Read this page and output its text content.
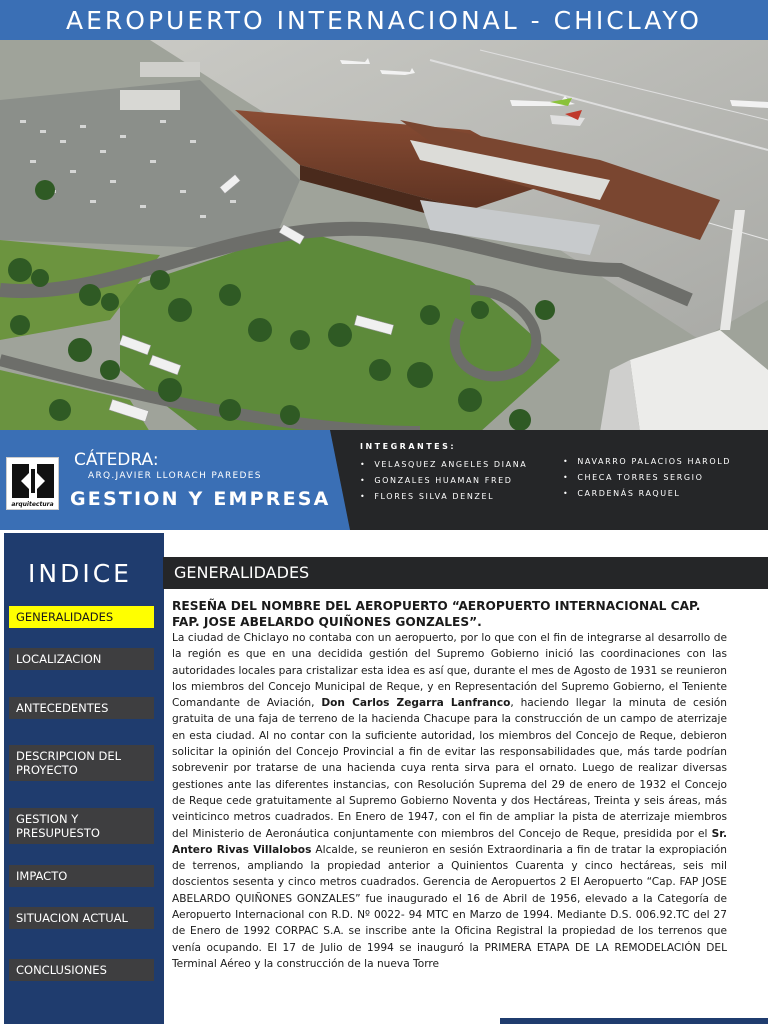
AEROPUERTO INTERNACIONAL - CHICLAYO
arquitectura
CÁTEDRA:
ARQ.JAVIER LLORACH PAREDES
GESTION Y EMPRESA
INTEGRANTES:
• VELASQUEZ ANGELES DIANA
• GONZALES HUAMAN FRED
• FLORES SILVA DENZEL
• NAVARRO PALACIOS HAROLD
• CHECA TORRES SERGIO
• CARDENÁS RAQUEL
INDICE
GENERALIDADES
LOCALIZACION
ANTECEDENTES
DESCRIPCION DEL PROYECTO
GESTION Y PRESUPUESTO
IMPACTO
SITUACION ACTUAL
CONCLUSIONES
GENERALIDADES
RESEÑA DEL NOMBRE DEL AEROPUERTO “AEROPUERTO INTERNACIONAL CAP. FAP. JOSE ABELARDO QUIÑONES GONZALES”.

La ciudad de Chiclayo no contaba con un aeropuerto, por lo que con el fin de integrarse al desarrollo de la región es que en una decidida gestión del Supremo Gobierno inició las coordinaciones con las autoridades locales para cristalizar esta idea es así que, durante el mes de Agosto de 1931 se reunieron los miembros del Concejo Municipal de Reque, y en Representación del Supremo Gobierno, el Teniente Comandante de Aviación, Don Carlos Zegarra Lanfranco, haciendo llegar la minuta de cesión gratuita de una faja de terreno de la hacienda Chacupe para la construcción de un campo de aterrizaje en esta ciudad. Al no contar con la suficiente autoridad, los miembros del Concejo de Reque, debieron solicitar la opinión del Concejo Provincial a fin de evitar las responsabilidades que, más tarde podrían sobrevenir por tratarse de una hacienda cuya renta sirva para el ornato. Luego de realizar diversas gestiones ante las diferentes instancias, con Resolución Suprema del 29 de enero de 1932 el Concejo de Reque cede gratuitamente al Supremo Gobierno Noventa y dos Hectáreas, Treinta y seis áreas, más veinticinco metros cuadrados. En Enero de 1947, con el fin de ampliar la pista de aterrizaje miembros del Ministerio de Aeronáutica conjuntamente con miembros del Concejo de Reque, presidida por el Sr. Antero Rivas Villalobos Alcalde, se reunieron en sesión Extraordinaria a fin de tratar la expropiación de terrenos, ampliando la propiedad anterior a Quinientos Cuarenta y cinco hectáreas, seis mil doscientos sesenta y cinco metros cuadrados. Gerencia de Aeropuertos 2 El Aeropuerto “Cap. FAP JOSE ABELARDO QUIÑONES GONZALES” fue inaugurado el 16 de Abril de 1956, elevado a la Categoría de Aeropuerto Internacional con R.D. Nº 0022- 94 MTC en Marzo de 1994. Mediante D.S. 006.92.TC del 27 de Enero de 1992 CORPAC S.A. se inscribe ante la Oficina Registral la propiedad de los terrenos que venía ocupando. El 17 de Julio de 1994 se inauguró la PRIMERA ETAPA DE LA REMODELACIÓN DEL Terminal Aéreo y la construcción de la nueva Torre
